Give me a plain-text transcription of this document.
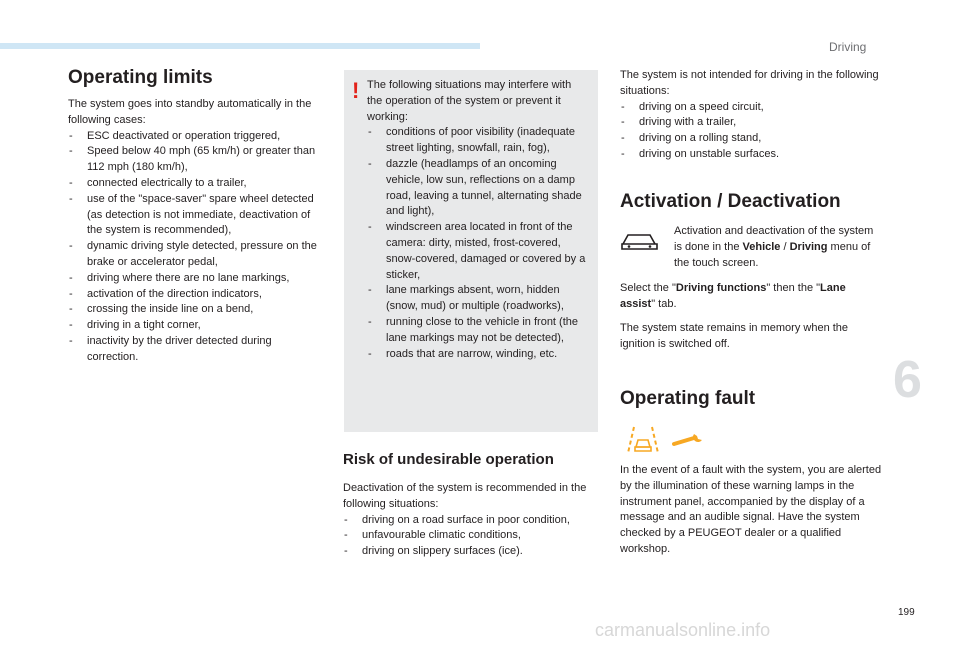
Driving
6
199
Operating limits

The system goes into standby automatically in the following cases:

- ESC deactivated or operation triggered,
- Speed below 40 mph (65 km/h) or greater than 112 mph (180 km/h),
- connected electrically to a trailer,
- use of the "space-saver" spare wheel detected (as detection is not immediate, deactivation of the system is recommended),
- dynamic driving style detected, pressure on the brake or accelerator pedal,
- driving where there are no lane markings,
- activation of the direction indicators,
- crossing the inside line on a bend,
- driving in a tight corner,
- inactivity by the driver detected during correction.
! The following situations may interfere with the operation of the system or prevent it working:

- conditions of poor visibility (inadequate street lighting, snowfall, rain, fog),
- dazzle (headlamps of an oncoming vehicle, low sun, reflections on a damp road, leaving a tunnel, alternating shade and light),
- windscreen area located in front of the camera: dirty, misted, frost-covered, snow-covered, damaged or covered by a sticker,
- lane markings absent, worn, hidden (snow, mud) or multiple (roadworks),
- running close to the vehicle in front (the lane markings may not be detected),
- roads that are narrow, winding, etc.
Risk of undesirable operation

Deactivation of the system is recommended in the following situations:

- driving on a road surface in poor condition,
- unfavourable climatic conditions,
- driving on slippery surfaces (ice).

The system is not intended for driving in the following situations:

- driving on a speed circuit,
- driving with a trailer,
- driving on a rolling stand,
- driving on unstable surfaces.
Activation / Deactivation
Activation and deactivation of the system is done in the Vehicle / Driving menu of the touch screen.
Select the "Driving functions" then the "Lane assist" tab.
The system state remains in memory when the ignition is switched off.
Operating fault
In the event of a fault with the system, you are alerted by the illumination of these warning lamps in the instrument panel, accompanied by the display of a message and an audible signal. Have the system checked by a PEUGEOT dealer or a qualified workshop.
carmanualsonline.info
